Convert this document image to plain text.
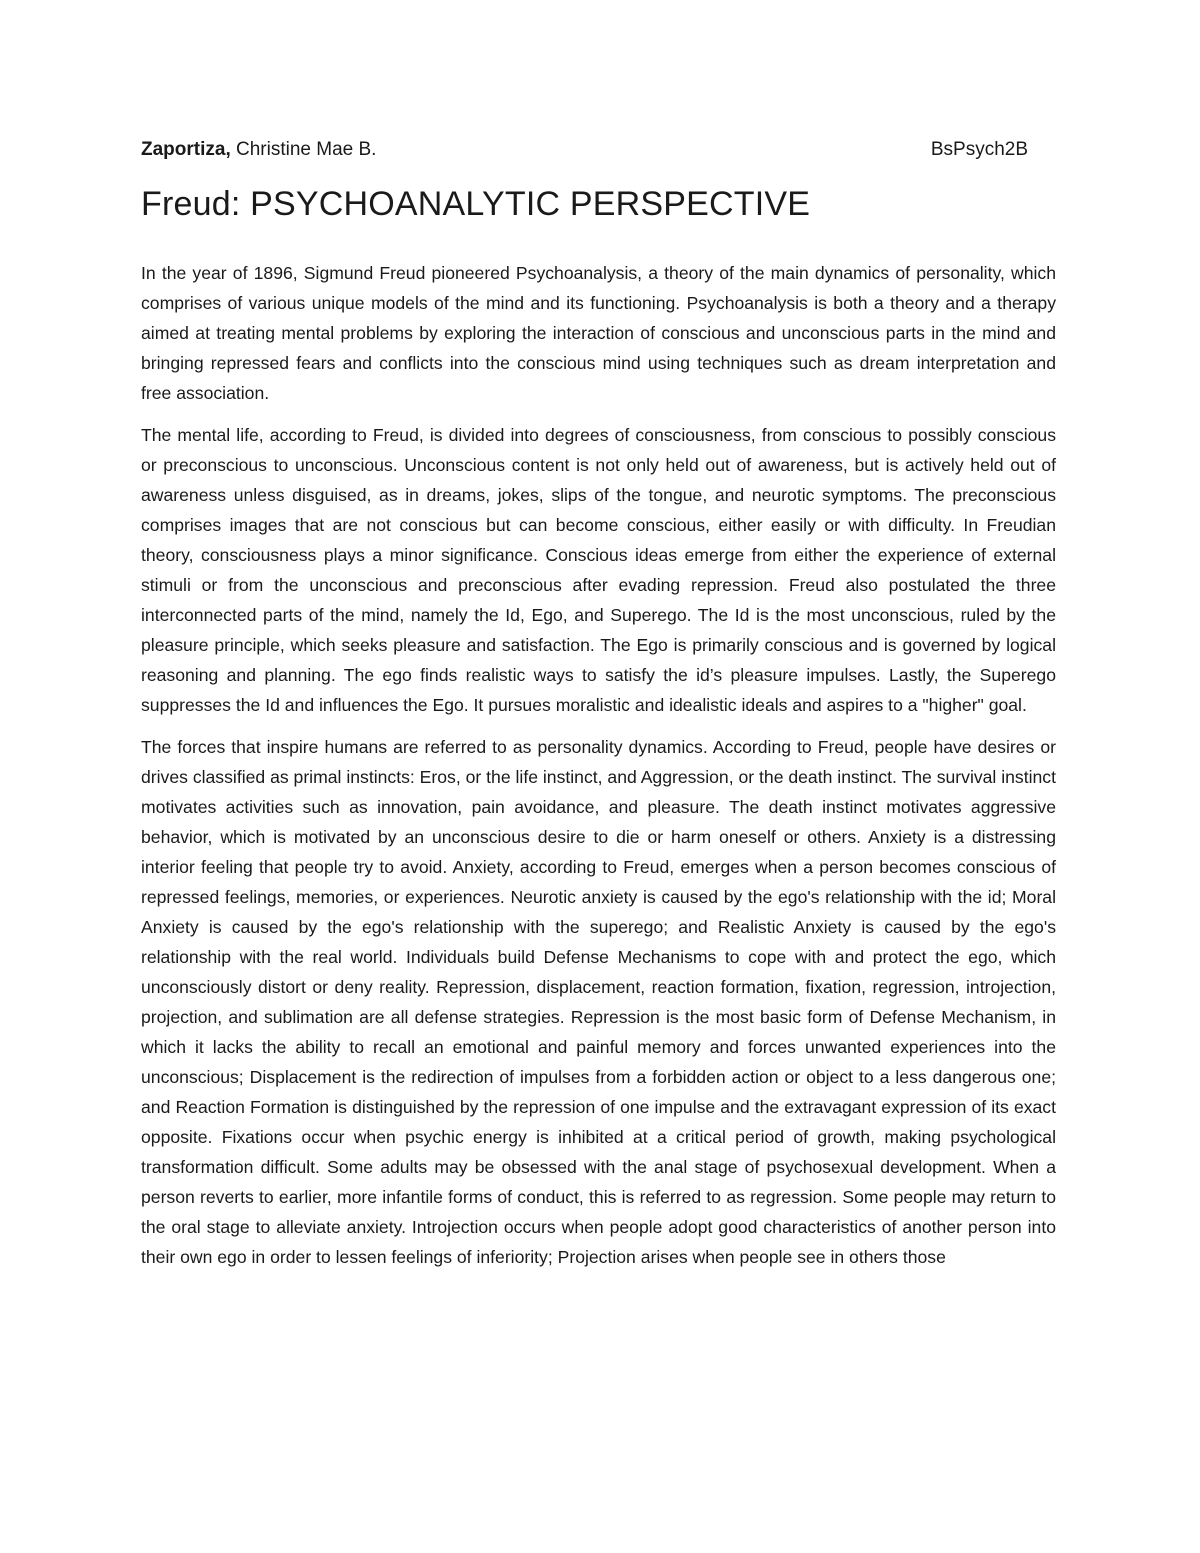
Zaportiza, Christine Mae B.	BsPsych2B
Freud: PSYCHOANALYTIC PERSPECTIVE

In the year of 1896, Sigmund Freud pioneered Psychoanalysis, a theory of the main dynamics of personality, which comprises of various unique models of the mind and its functioning. Psychoanalysis is both a theory and a therapy aimed at treating mental problems by exploring the interaction of conscious and unconscious parts in the mind and bringing repressed fears and conflicts into the conscious mind using techniques such as dream interpretation and free association.

The mental life, according to Freud, is divided into degrees of consciousness, from conscious to possibly conscious or preconscious to unconscious. Unconscious content is not only held out of awareness, but is actively held out of awareness unless disguised, as in dreams, jokes, slips of the tongue, and neurotic symptoms. The preconscious comprises images that are not conscious but can become conscious, either easily or with difficulty. In Freudian theory, consciousness plays a minor significance. Conscious ideas emerge from either the experience of external stimuli or from the unconscious and preconscious after evading repression. Freud also postulated the three interconnected parts of the mind, namely the Id, Ego, and Superego. The Id is the most unconscious, ruled by the pleasure principle, which seeks pleasure and satisfaction. The Ego is primarily conscious and is governed by logical reasoning and planning. The ego finds realistic ways to satisfy the id’s pleasure impulses. Lastly, the Superego suppresses the Id and influences the Ego. It pursues moralistic and idealistic ideals and aspires to a "higher" goal.

The forces that inspire humans are referred to as personality dynamics. According to Freud, people have desires or drives classified as primal instincts: Eros, or the life instinct, and Aggression, or the death instinct. The survival instinct motivates activities such as innovation, pain avoidance, and pleasure. The death instinct motivates aggressive behavior, which is motivated by an unconscious desire to die or harm oneself or others. Anxiety is a distressing interior feeling that people try to avoid. Anxiety, according to Freud, emerges when a person becomes conscious of repressed feelings, memories, or experiences. Neurotic anxiety is caused by the ego's relationship with the id; Moral Anxiety is caused by the ego's relationship with the superego; and Realistic Anxiety is caused by the ego's relationship with the real world. Individuals build Defense Mechanisms to cope with and protect the ego, which unconsciously distort or deny reality. Repression, displacement, reaction formation, fixation, regression, introjection, projection, and sublimation are all defense strategies. Repression is the most basic form of Defense Mechanism, in which it lacks the ability to recall an emotional and painful memory and forces unwanted experiences into the unconscious; Displacement is the redirection of impulses from a forbidden action or object to a less dangerous one; and Reaction Formation is distinguished by the repression of one impulse and the extravagant expression of its exact opposite. Fixations occur when psychic energy is inhibited at a critical period of growth, making psychological transformation difficult. Some adults may be obsessed with the anal stage of psychosexual development. When a person reverts to earlier, more infantile forms of conduct, this is referred to as regression. Some people may return to the oral stage to alleviate anxiety. Introjection occurs when people adopt good characteristics of another person into their own ego in order to lessen feelings of inferiority; Projection arises when people see in others those
